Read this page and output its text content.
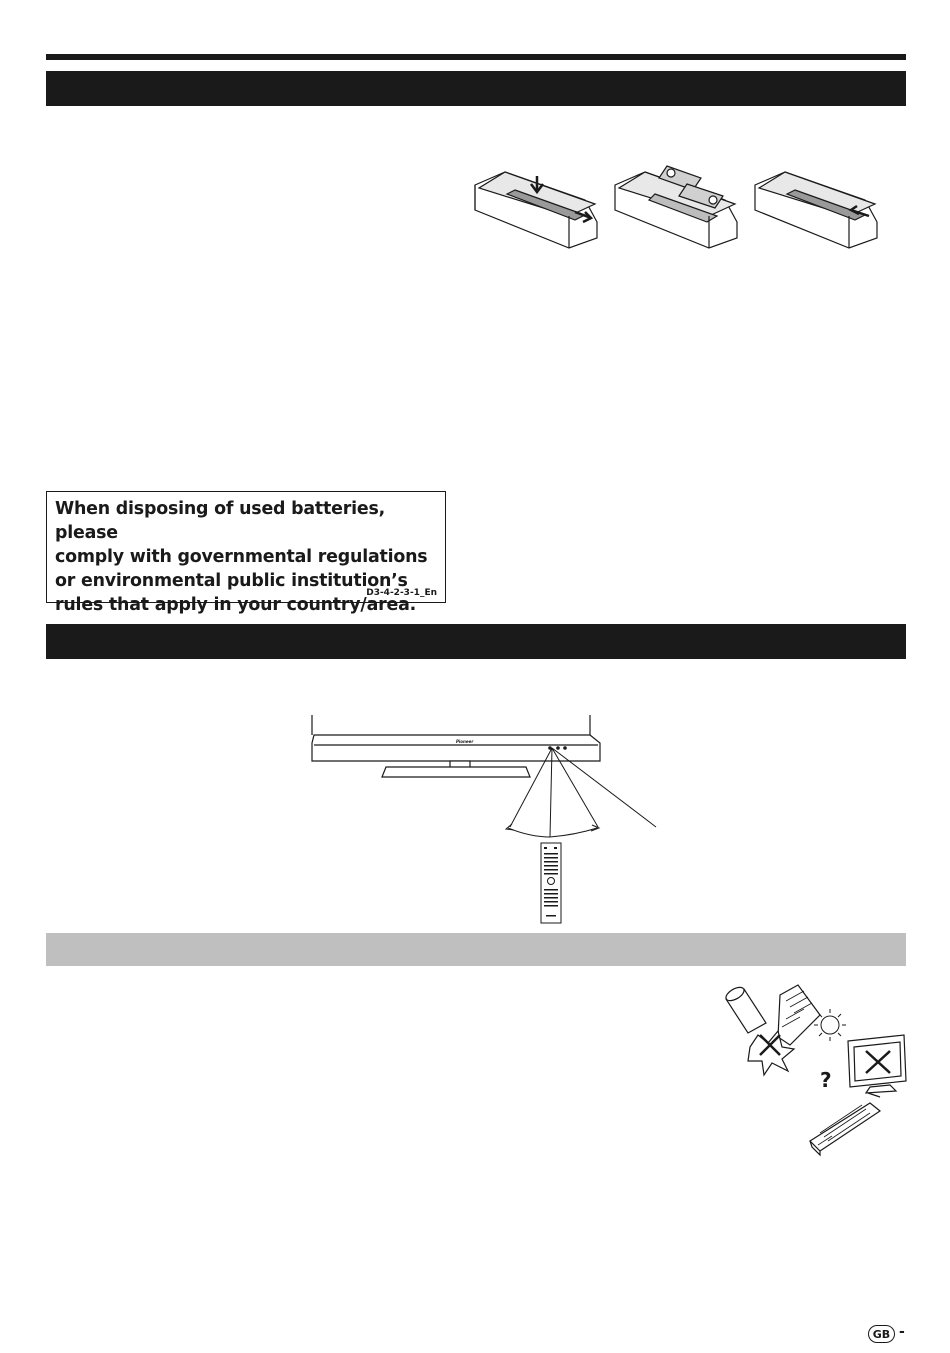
When disposing of used batteries, please

comply with governmental regulations

or environmental public institution’s

rules that apply in your country/area.

D3-4-2-3-1_En
Pioneer
?
GB -
